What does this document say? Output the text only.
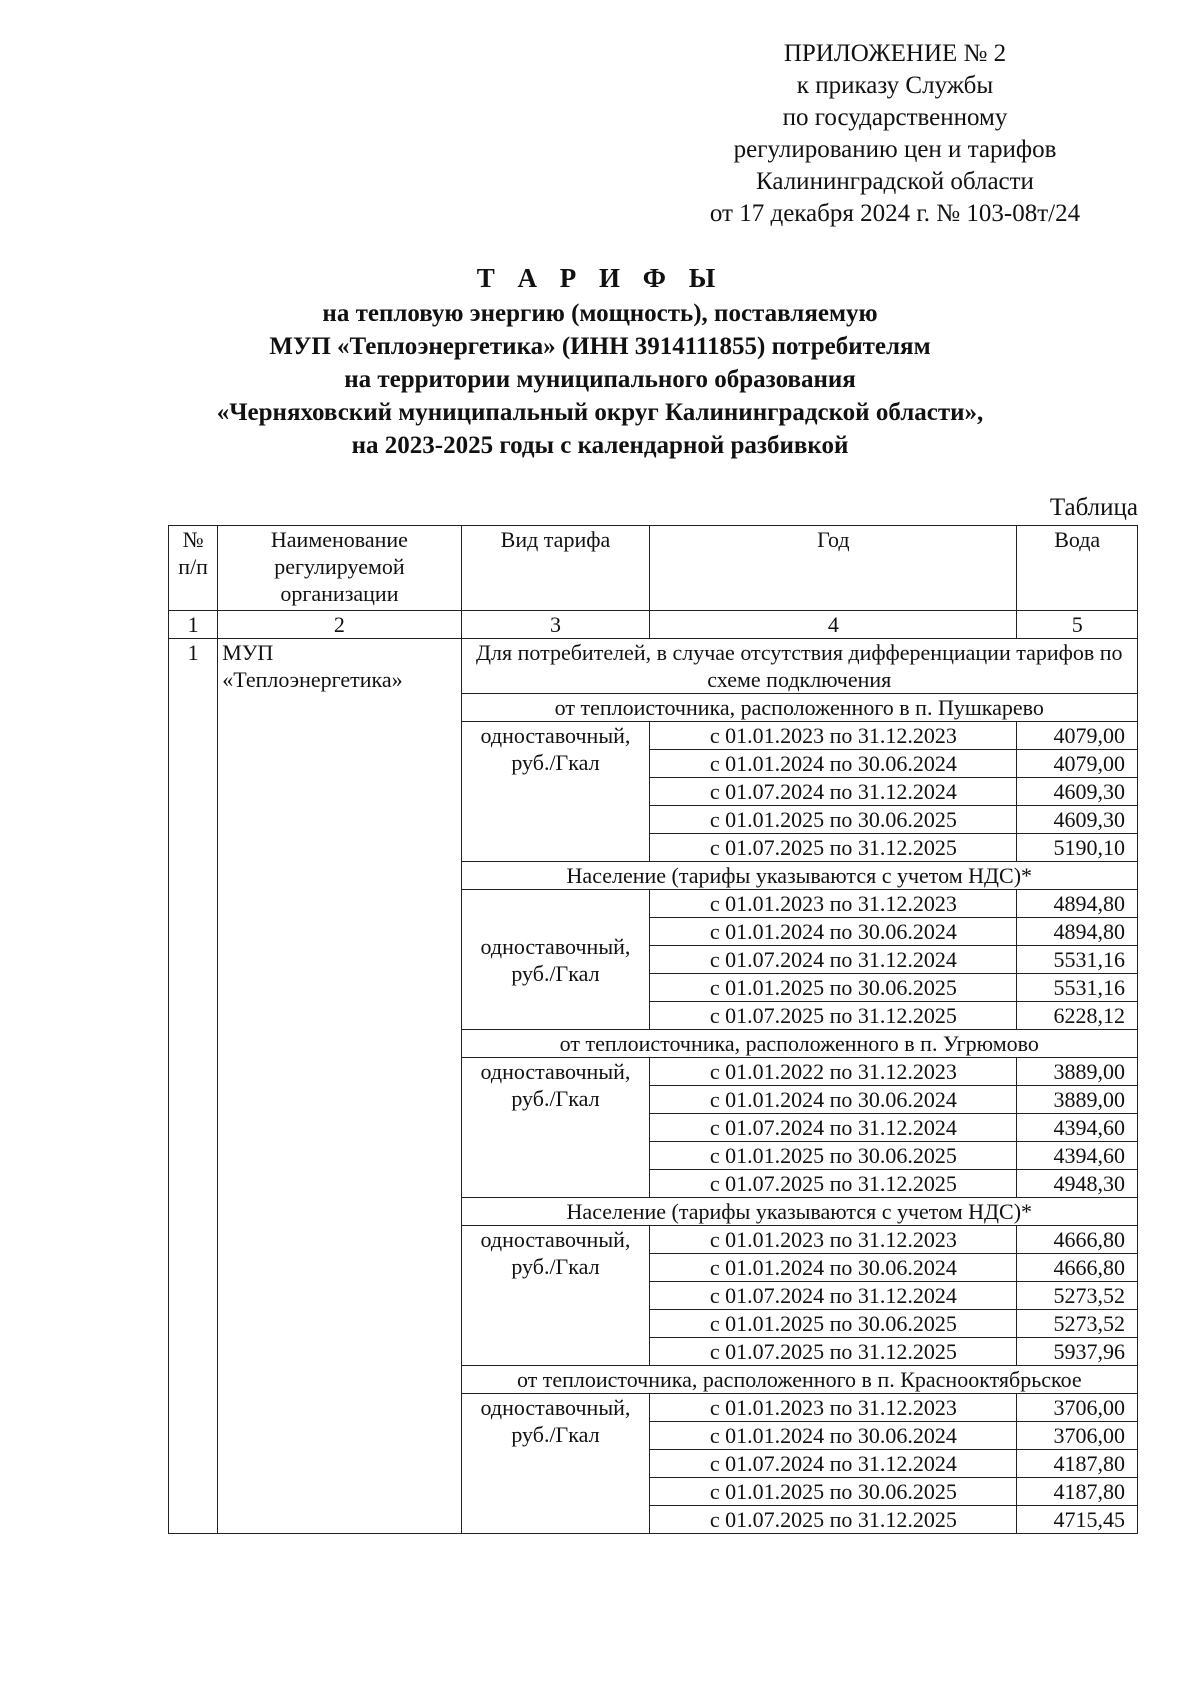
ПРИЛОЖЕНИЕ № 2
к приказу Службы
по государственному
регулированию цен и тарифов
Калининградской области
от 17 декабря 2024 г. № 103-08т/24
Т А Р И Ф Ы
на тепловую энергию (мощность), поставляемую
МУП «Теплоэнергетика» (ИНН 3914111855) потребителям
на территории муниципального образования
«Черняховский муниципальный округ Калининградской области»,
на 2023-2025 годы с календарной разбивкой
Таблица
№ п/п	Наименование регулируемой организации	Вид тарифа	Год	Вода
1	2	3	4	5
1	МУП «Теплоэнергетика»	Для потребителей, в случае отсутствия дифференциации тарифов по схеме подключения		
		от теплоисточника, расположенного в п. Пушкарево		
		одноставочный, руб./Гкал	с 01.01.2023 по 31.12.2023	4079,00
			с 01.01.2024 по 30.06.2024	4079,00
			с 01.07.2024 по 31.12.2024	4609,30
			с 01.01.2025 по 30.06.2025	4609,30
			с 01.07.2025 по 31.12.2025	5190,10
		Население (тарифы указываются с учетом НДС)*		
		одноставочный, руб./Гкал	с 01.01.2023 по 31.12.2023	4894,80
			с 01.01.2024 по 30.06.2024	4894,80
			с 01.07.2024 по 31.12.2024	5531,16
			с 01.01.2025 по 30.06.2025	5531,16
			с 01.07.2025 по 31.12.2025	6228,12
		от теплоисточника, расположенного в п. Угрюмово		
		одноставочный, руб./Гкал	с 01.01.2022 по 31.12.2023	3889,00
			с 01.01.2024 по 30.06.2024	3889,00
			с 01.07.2024 по 31.12.2024	4394,60
			с 01.01.2025 по 30.06.2025	4394,60
			с 01.07.2025 по 31.12.2025	4948,30
		Население (тарифы указываются с учетом НДС)*		
		одноставочный, руб./Гкал	с 01.01.2023 по 31.12.2023	4666,80
			с 01.01.2024 по 30.06.2024	4666,80
			с 01.07.2024 по 31.12.2024	5273,52
			с 01.01.2025 по 30.06.2025	5273,52
			с 01.07.2025 по 31.12.2025	5937,96
		от теплоисточника, расположенного в п. Краснооктябрьское		
		одноставочный, руб./Гкал	с 01.01.2023 по 31.12.2023	3706,00
			с 01.01.2024 по 30.06.2024	3706,00
			с 01.07.2024 по 31.12.2024	4187,80
			с 01.01.2025 по 30.06.2025	4187,80
			с 01.07.2025 по 31.12.2025	4715,45
